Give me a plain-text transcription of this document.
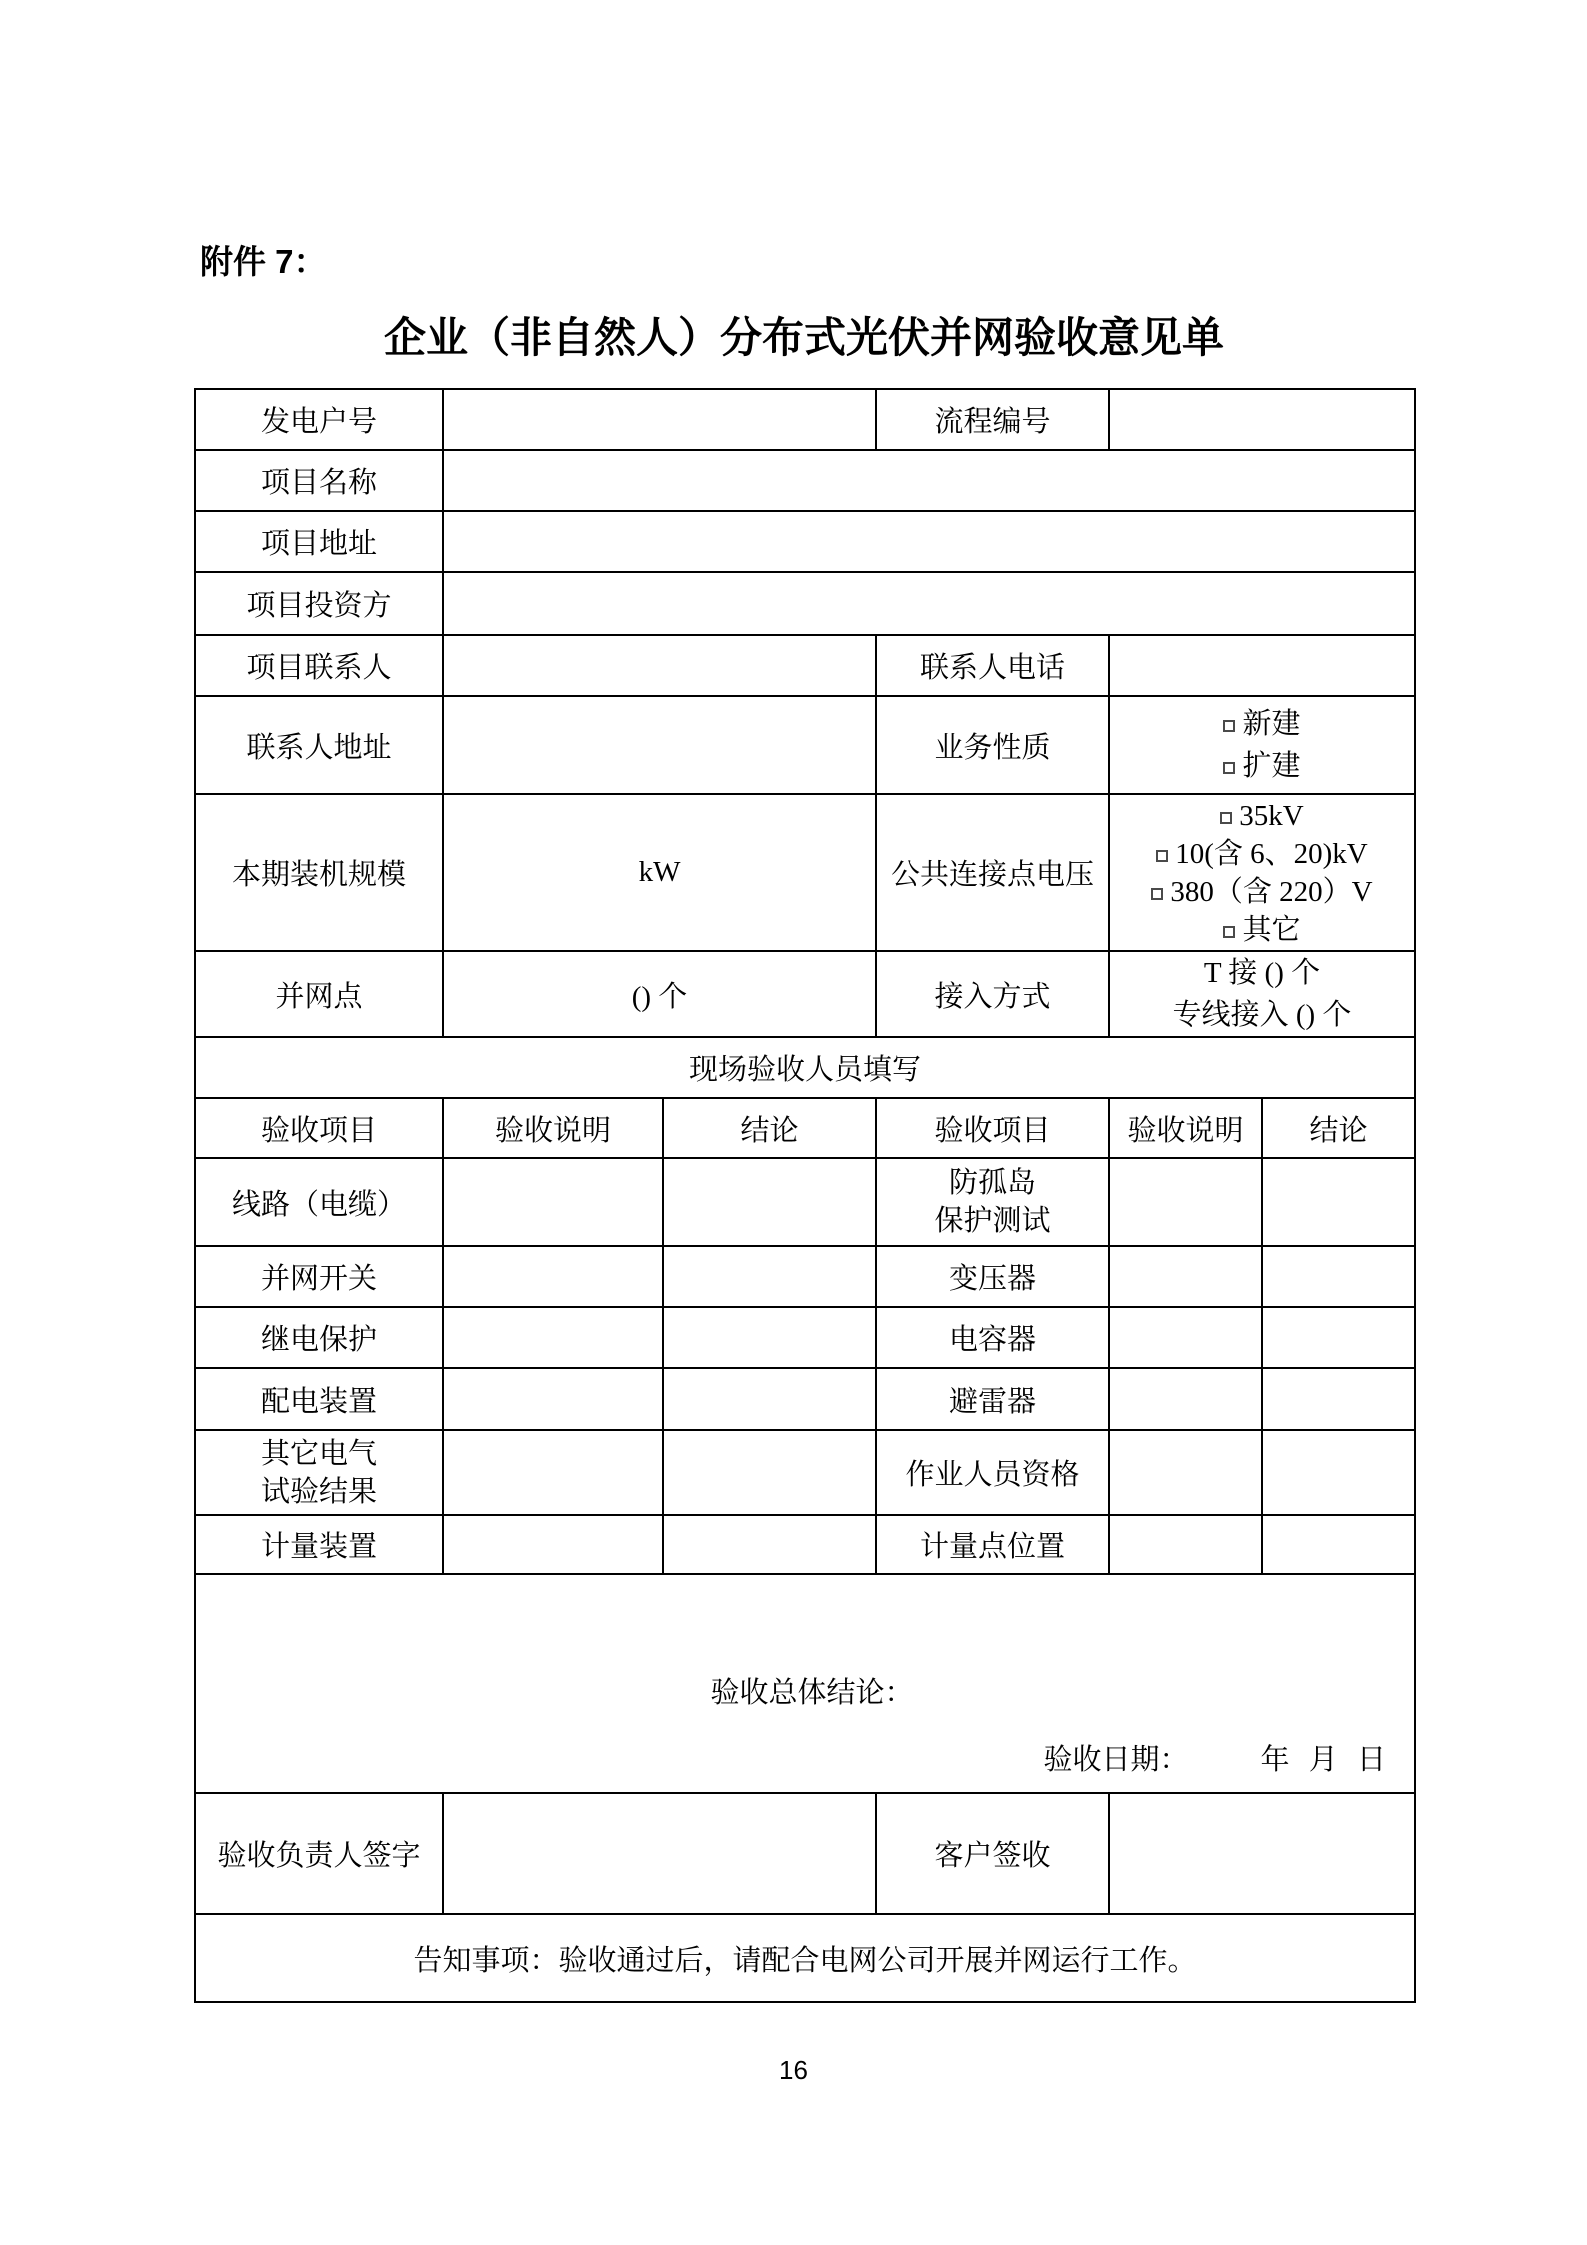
附件 7：
企业（非自然人）分布式光伏并网验收意见单
发电户号			流程编号		
项目名称					
项目地址					
项目投资方					
项目联系人			联系人电话		
联系人地址			业务性质	新建
扩建	

本期装机规模	kW		公共连接点电压	35kV
10(含 6、20)kV
380（含 220）V
其它	

并网点	() 个		接入方式	T 接 () 个
专线接入 () 个	

现场验收人员填写					
验收项目	验收说明	结论	验收项目	验收说明	结论
线路（电缆）			防孤岛
保护测试		

并网开关			变压器		
继电保护			电容器		
配电装置			避雷器		

其它电气
试验结果			作业人员资格		
计量装置			计量点位置		

验收总体结论：
验收日期： 年 月 日					

验收负责人签字			客户签收		
告知事项：验收通过后，请配合电网公司开展并网运行工作。					
16
